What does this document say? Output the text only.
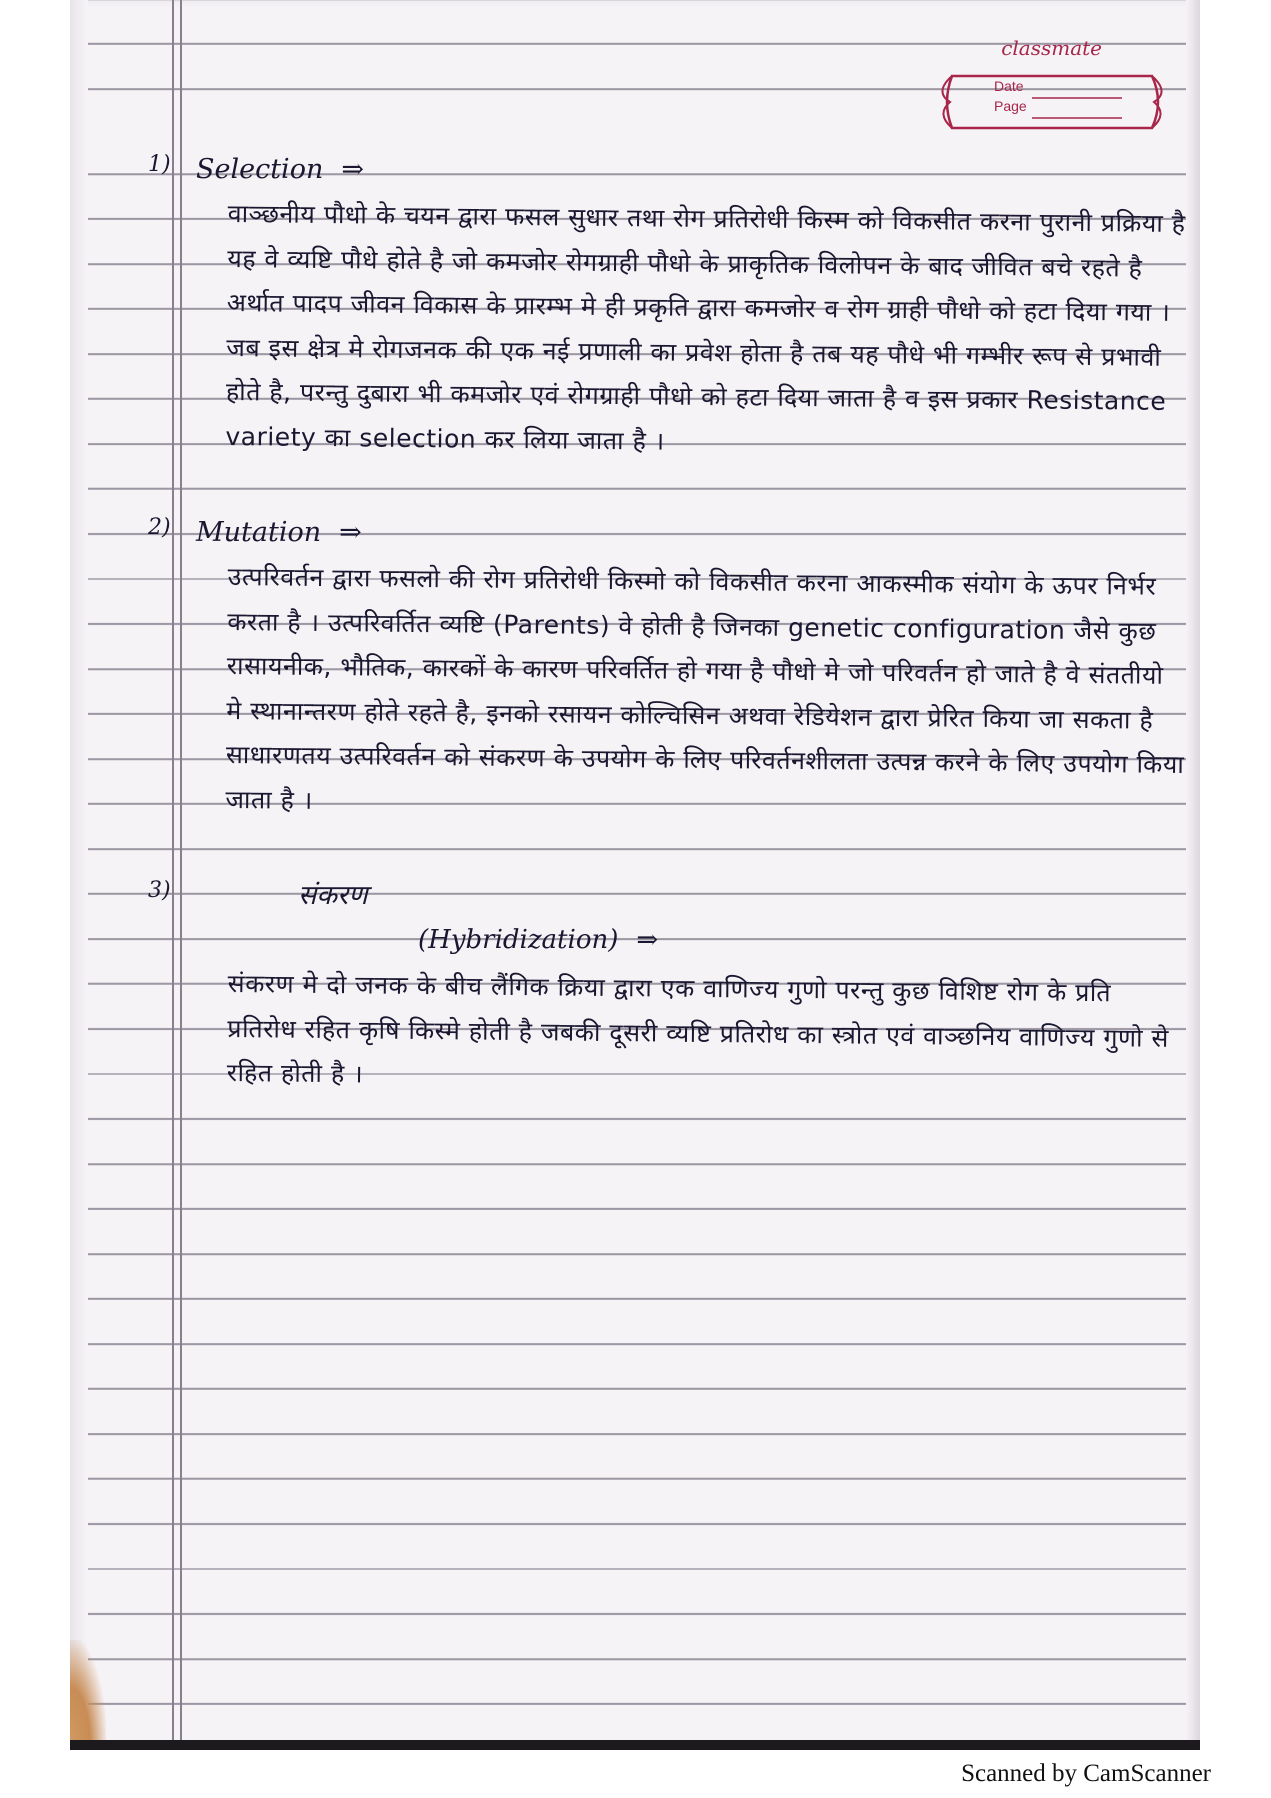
classmate
Date
Page
1) Selection ⇒
वाञ्छनीय पौधो के चयन द्वारा फसल सुधार तथा रोग प्रतिरोधी किस्म को विकसीत करना पुरानी प्रक्रिया है यह वे व्यष्टि पौधे होते है जो कमजोर रोगग्राही पौधो के प्राकृतिक विलोपन के बाद जीवित बचे रहते है अर्थात पादप जीवन विकास के प्रारम्भ मे ही प्रकृति द्वारा कमजोर व रोग ग्राही पौधो को हटा दिया गया । जब इस क्षेत्र मे रोगजनक की एक नई प्रणाली का प्रवेश होता है तब यह पौधे भी गम्भीर रूप से प्रभावी होते है, परन्तु दुबारा भी कमजोर एवं रोगग्राही पौधो को हटा दिया जाता है व इस प्रकार Resistance variety का selection कर लिया जाता है ।
2) Mutation ⇒
उत्परिवर्तन द्वारा फसलो की रोग प्रतिरोधी किस्मो को विकसीत करना आकस्मीक संयोग के ऊपर निर्भर करता है । उत्परिवर्तित व्यष्टि (Parents) वे होती है जिनका genetic configuration जैसे कुछ रासायनीक, भौतिक, कारकों के कारण परिवर्तित हो गया है पौधो मे जो परिवर्तन हो जाते है वे संततीयो मे स्थानान्तरण होते रहते है, इनको रसायन कोल्चिसिन अथवा रेडियेशन द्वारा प्रेरित किया जा सकता है साधारणतय उत्परिवर्तन को संकरण के उपयोग के लिए परिवर्तनशीलता उत्पन्न करने के लिए उपयोग किया जाता है ।
3)	संकरण
(Hybridization) ⇒
संकरण मे दो जनक के बीच लैंगिक क्रिया द्वारा एक वाणिज्य गुणो परन्तु कुछ विशिष्ट रोग के प्रति प्रतिरोध रहित कृषि किस्मे होती है जबकी दूसरी व्यष्टि प्रतिरोध का स्त्रोत एवं वाञ्छनिय वाणिज्य गुणो से रहित होती है ।
Scanned by CamScanner
